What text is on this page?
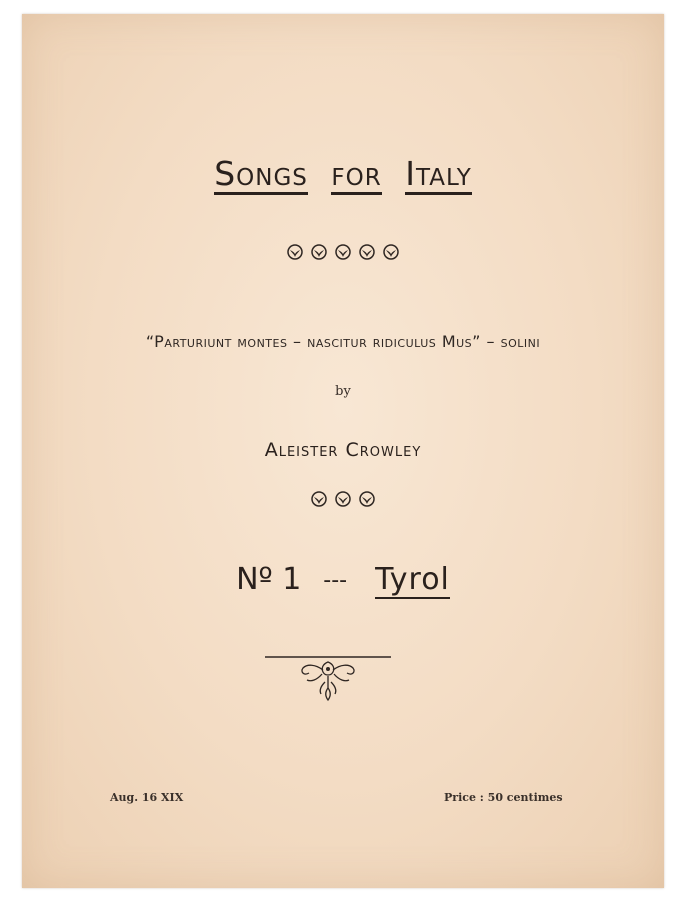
Songs for Italy
“Parturiunt montes – nascitur ridiculus Mus” – solini
by
Aleister Crowley
Nº 1 --- Tyrol
Aug. 16 XIX	Price : 50 centimes
